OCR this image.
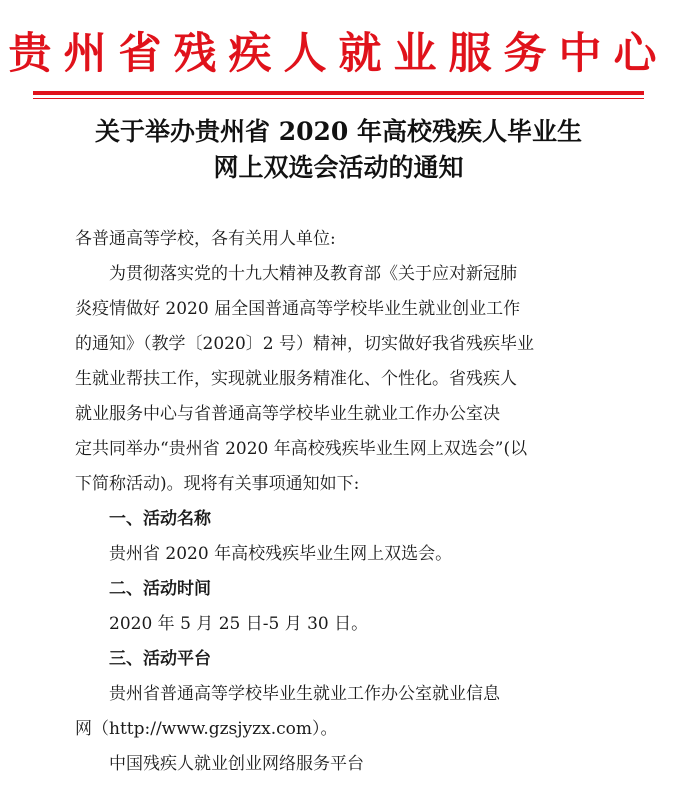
贵州省残疾人就业服务中心
关于举办贵州省 2020 年高校残疾人毕业生
网上双选会活动的通知

各普通高等学校，各有关用人单位:

为贯彻落实党的十九大精神及教育部《关于应对新冠肺

炎疫情做好 2020 届全国普通高等学校毕业生就业创业工作

的通知》（教学〔2020〕2 号）精神，切实做好我省残疾毕业

生就业帮扶工作，实现就业服务精准化、个性化。省残疾人

就业服务中心与省普通高等学校毕业生就业工作办公室决

定共同举办“贵州省 2020 年高校残疾毕业生网上双选会”(以

下简称活动)。现将有关事项通知如下:

一、活动名称

贵州省 2020 年高校残疾毕业生网上双选会。

二、活动时间

2020 年 5 月 25 日-5 月 30 日。

三、活动平台

贵州省普通高等学校毕业生就业工作办公室就业信息

网（http://www.gzsjyzx.com）。

中国残疾人就业创业网络服务平台
